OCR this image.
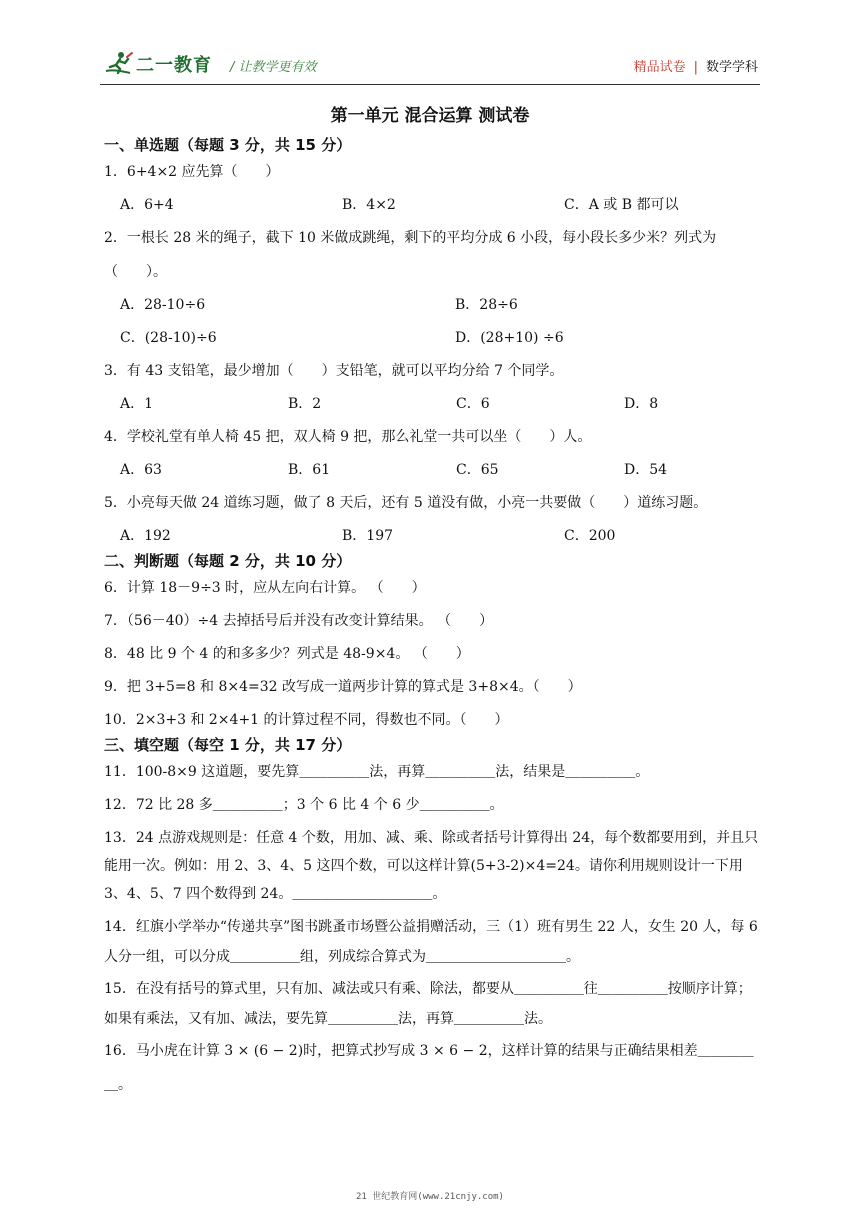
二一教育 / 让教学更有效	精品试卷 | 数学学科
第一单元 混合运算 测试卷
一、单选题（每题 3 分，共 15 分）
1．6+4×2 应先算（　　）
A．6+4	B．4×2	C．A 或 B 都可以
2．一根长 28 米的绳子，截下 10 米做成跳绳，剩下的平均分成 6 小段，每小段长多少米？列式为（　　）。
A．28-10÷6	B．28÷6
C．(28-10)÷6	D．(28+10) ÷6
3．有 43 支铅笔，最少增加（　　）支铅笔，就可以平均分给 7 个同学。
A．1	B．2	C．6	D．8
4．学校礼堂有单人椅 45 把，双人椅 9 把，那么礼堂一共可以坐（　　）人。
A．63	B．61	C．65	D．54
5．小亮每天做 24 道练习题，做了 8 天后，还有 5 道没有做，小亮一共要做（　　）道练习题。
A．192	B．197	C．200
二、判断题（每题 2 分，共 10 分）
6．计算 18－9÷3 时，应从左向右计算。 （　　）
7．（56－40）÷4 去掉括号后并没有改变计算结果。 （　　）
8．48 比 9 个 4 的和多多少？列式是 48-9×4。 （　　）
9．把 3+5=8 和 8×4=32 改写成一道两步计算的算式是 3+8×4。（　　）
10．2×3+3 和 2×4+1 的计算过程不同，得数也不同。（　　）
三、填空题（每空 1 分，共 17 分）
11．100-8×9 这道题，要先算＿＿＿＿＿法，再算＿＿＿＿＿法，结果是＿＿＿＿＿。
12．72 比 28 多＿＿＿＿＿；3 个 6 比 4 个 6 少＿＿＿＿＿。
13．24 点游戏规则是：任意 4 个数，用加、减、乘、除或者括号计算得出 24，每个数都要用到，并且只能用一次。例如：用 2、3、4、5 这四个数，可以这样计算(5+3-2)×4=24。请你利用规则设计一下用 3、4、5、7 四个数得到 24。＿＿＿＿＿＿＿＿＿＿。
14．红旗小学举办“传递共享”图书跳蚤市场暨公益捐赠活动，三（1）班有男生 22 人，女生 20 人，每 6 人分一组，可以分成＿＿＿＿＿组，列成综合算式为＿＿＿＿＿＿＿＿＿＿。
15．在没有括号的算式里，只有加、减法或只有乘、除法，都要从＿＿＿＿＿往＿＿＿＿＿按顺序计算；如果有乘法，又有加、减法，要先算＿＿＿＿＿法，再算＿＿＿＿＿法。
16．马小虎在计算 3 × (6 − 2)时，把算式抄写成 3 × 6 − 2，这样计算的结果与正确结果相差＿＿＿＿＿。
21 世纪教育网(www.21cnjy.com)
